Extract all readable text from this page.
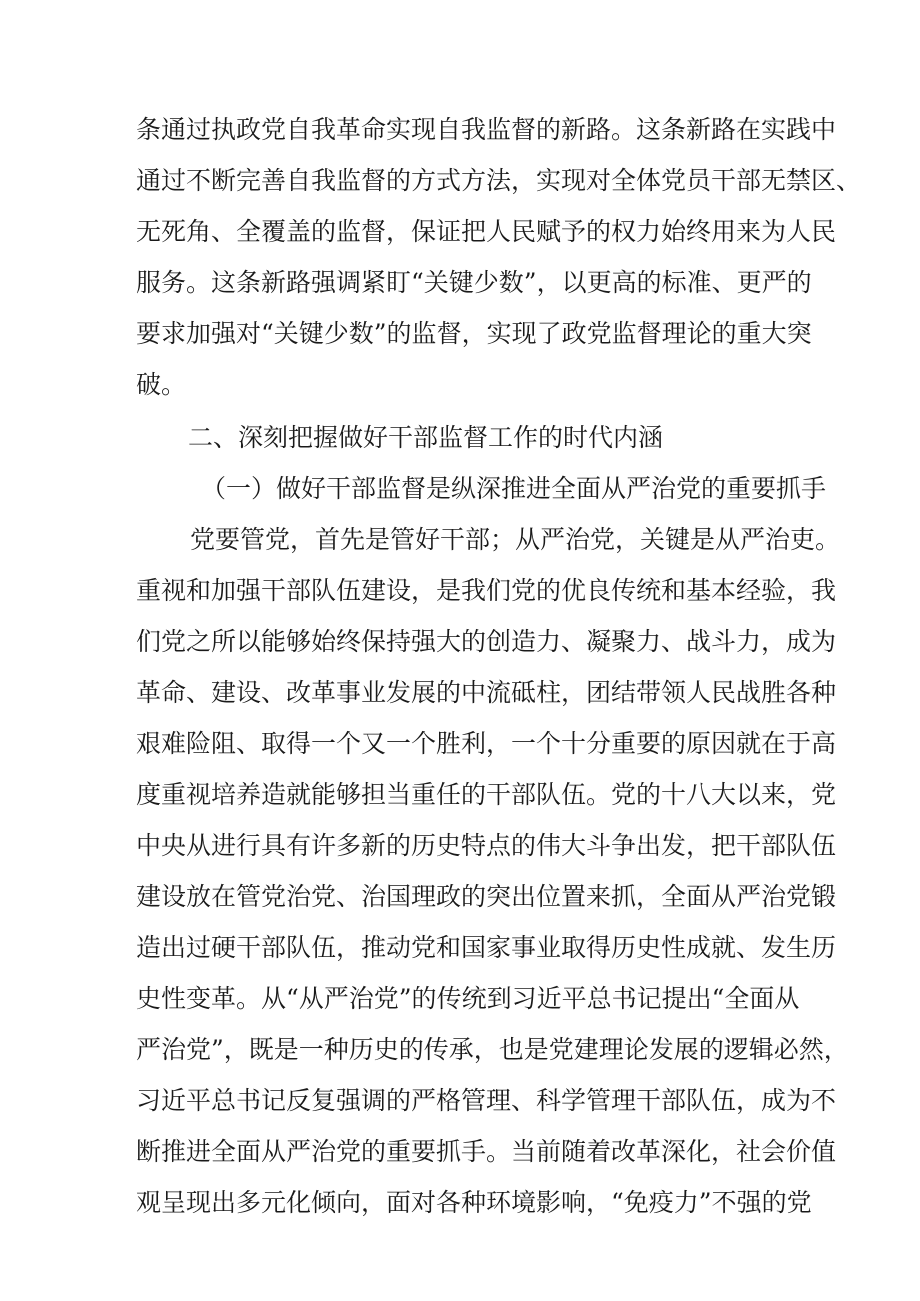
条通过执政党自我革命实现自我监督的新路。这条新路在实践中
通过不断完善自我监督的方式方法，实现对全体党员干部无禁区、
无死角、全覆盖的监督，保证把人民赋予的权力始终用来为人民
服务。这条新路强调紧盯“关键少数”，以更高的标准、更严的
要求加强对“关键少数”的监督，实现了政党监督理论的重大突
破。
二、深刻把握做好干部监督工作的时代内涵
（一）做好干部监督是纵深推进全面从严治党的重要抓手
党要管党，首先是管好干部；从严治党，关键是从严治吏。
重视和加强干部队伍建设，是我们党的优良传统和基本经验，我
们党之所以能够始终保持强大的创造力、凝聚力、战斗力，成为
革命、建设、改革事业发展的中流砥柱，团结带领人民战胜各种
艰难险阻、取得一个又一个胜利，一个十分重要的原因就在于高
度重视培养造就能够担当重任的干部队伍。党的十八大以来，党
中央从进行具有许多新的历史特点的伟大斗争出发，把干部队伍
建设放在管党治党、治国理政的突出位置来抓，全面从严治党锻
造出过硬干部队伍，推动党和国家事业取得历史性成就、发生历
史性变革。从“从严治党”的传统到习近平总书记提出“全面从
严治党”，既是一种历史的传承，也是党建理论发展的逻辑必然，
习近平总书记反复强调的严格管理、科学管理干部队伍，成为不
断推进全面从严治党的重要抓手。当前随着改革深化，社会价值
观呈现出多元化倾向，面对各种环境影响，“免疫力”不强的党
